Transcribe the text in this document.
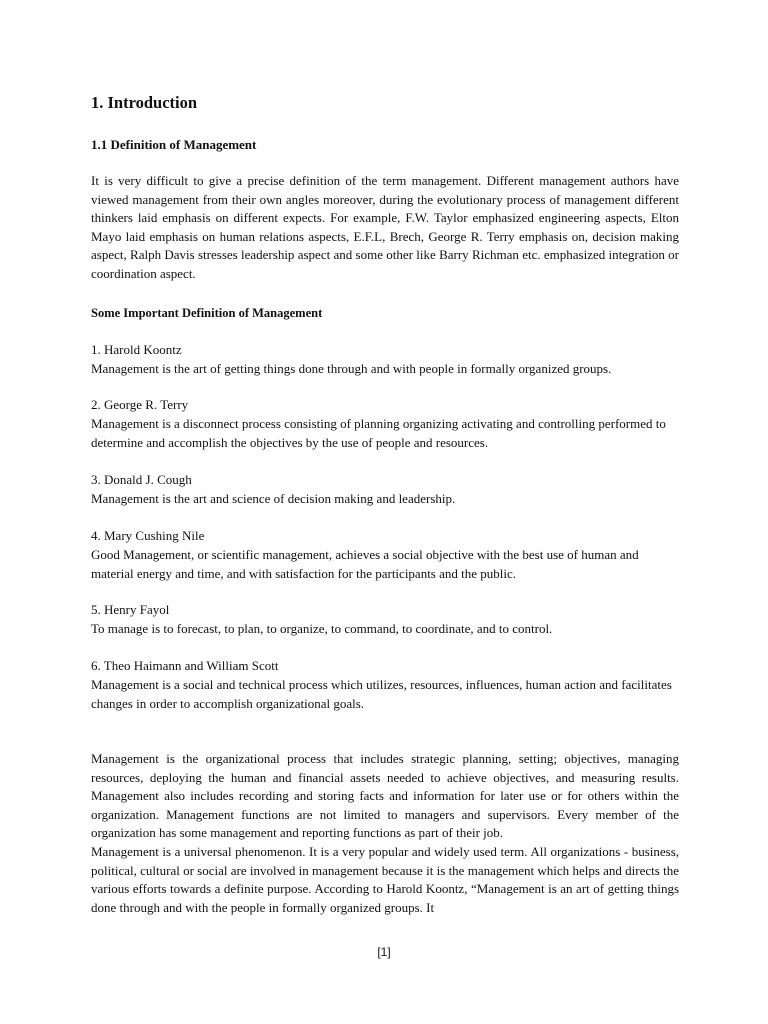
1. Introduction
1.1 Definition of Management

It is very difficult to give a precise definition of the term management. Different management authors have viewed management from their own angles moreover, during the evolutionary process of management different thinkers laid emphasis on different expects. For example, F.W. Taylor emphasized engineering aspects, Elton Mayo laid emphasis on human relations aspects, E.F.L, Brech, George R. Terry emphasis on, decision making aspect, Ralph Davis stresses leadership aspect and some other like Barry Richman etc. emphasized integration or coordination aspect.

Some Important Definition of Management
1. Harold Koontz
Management is the art of getting things done through and with people in formally organized groups.
2. George R. Terry
Management is a disconnect process consisting of planning organizing activating and controlling performed to determine and accomplish the objectives by the use of people and resources.
3. Donald J. Cough
Management is the art and science of decision making and leadership.
4. Mary Cushing Nile
Good Management, or scientific management, achieves a social objective with the best use of human and material energy and time, and with satisfaction for the participants and the public.
5. Henry Fayol
To manage is to forecast, to plan, to organize, to command, to coordinate, and to control.
6. Theo Haimann and William Scott
Management is a social and technical process which utilizes, resources, influences, human action and facilitates changes in order to accomplish organizational goals.

Management is the organizational process that includes strategic planning, setting; objectives, managing resources, deploying the human and financial assets needed to achieve objectives, and measuring results. Management also includes recording and storing facts and information for later use or for others within the organization. Management functions are not limited to managers and supervisors. Every member of the organization has some management and reporting functions as part of their job.

Management is a universal phenomenon. It is a very popular and widely used term. All organizations - business, political, cultural or social are involved in management because it is the management which helps and directs the various efforts towards a definite purpose. According to Harold Koontz, “Management is an art of getting things done through and with the people in formally organized groups. It

[1]
